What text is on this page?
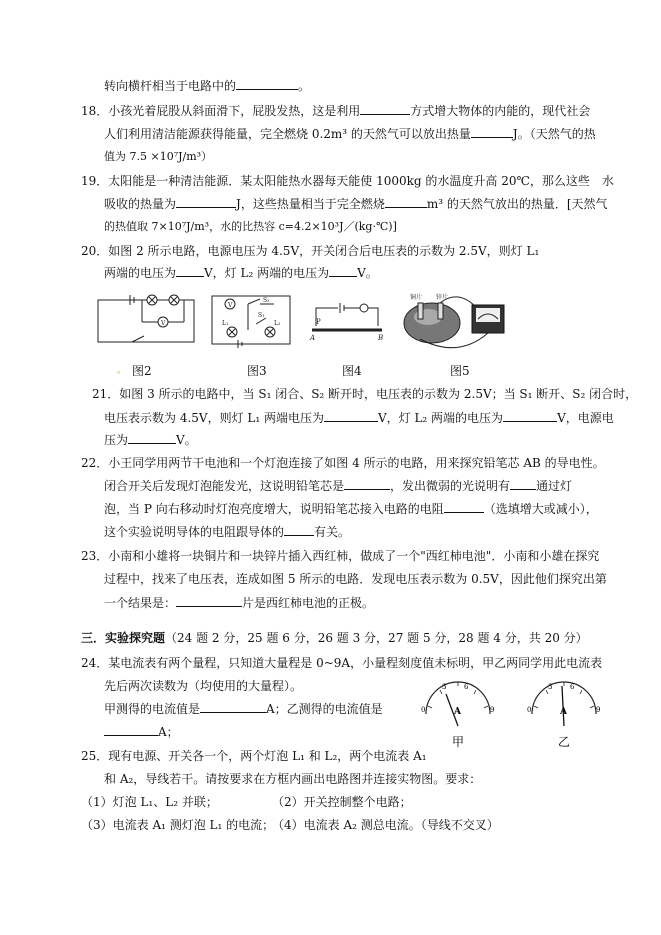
转向横杆相当于电路中的	。
18．小孩光着屁股从斜面滑下，屁股发热，这是利用	方式增大物体的内能的，现代社会
人们利用清洁能源获得能量，完全燃烧 0.2m³ 的天然气可以放出热量	J。（天然气的热
值为 7.5 ×10⁷J/m³）
19．太阳能是一种清洁能源．某太阳能热水器每天能使 1000kg 的水温度升高 20℃，那么这些　水
吸收的热量为	J，这些热量相当于完全燃烧	m³ 的天然气放出的热量．[天然气
的热值取 7×10⁷J/m³，水的比热容 c=4.2×10³J／(kg·℃)]
20．如图 2 所示电路，电源电压为 4.5V，开关闭合后电压表的示数为 2.5V，则灯 L₁
两端的电压为 V，灯 L₂ 两端的电压为 V。
V
V
S₂
S₁
L₁	L₂	P
A	B
铜片 锌片
。 图2	图3	图4	图5
21．如图 3 所示的电路中，当 S₁ 闭合、S₂ 断开时，电压表的示数为 2.5V；当 S₁ 断开、S₂ 闭合时，
电压表示数为 4.5V，则灯 L₁ 两端电压为	V，灯 L₂ 两端的电压为	V，电源电
压为	V。
22．小王同学用两节干电池和一个灯泡连接了如图 4 所示的电路，用来探究铅笔芯 AB 的导电性。
闭合开关后发现灯泡能发光，这说明铅笔芯是	，发出微弱的光说明有 通过灯
泡，当 P 向右移动时灯泡亮度增大，说明铅笔芯接入电路的电阻	（选填增大或减小），
这个实验说明导体的电阻跟导体的	有关。
23．小南和小雄将一块铜片和一块锌片插入西红柿，做成了一个"西红柿电池"．小南和小雄在探究
过程中，找来了电压表，连成如图 5 所示的电路．发现电压表示数为 0.5V，因此他们探究出第
一个结果是：	片是西红柿电池的正极。
三．实验探究题（24 题 2 分，25 题 6 分，26 题 3 分，27 题 5 分，28 题 4 分，共 20 分）
24．某电流表有两个量程，只知道大量程是 0~9A，小量程刻度值未标明，甲乙两同学用此电流表
先后两次读数为（均使用的大量程）。
甲测得的电流值是	A；乙测得的电流值是
A；
0
3	6
9
A
甲
0
3	6
9
A
乙
25．现有电源、开关各一个，两个灯泡 L₁ 和 L₂，两个电流表 A₁
和 A₂，导线若干。请按要求在方框内画出电路图并连接实物图。要求：
（1）灯泡 L₁、L₂ 并联；	（2）开关控制整个电路；
（3）电流表 A₁ 测灯泡 L₁ 的电流；
（4）电流表 A₂ 测总电流。（导线不交叉）
